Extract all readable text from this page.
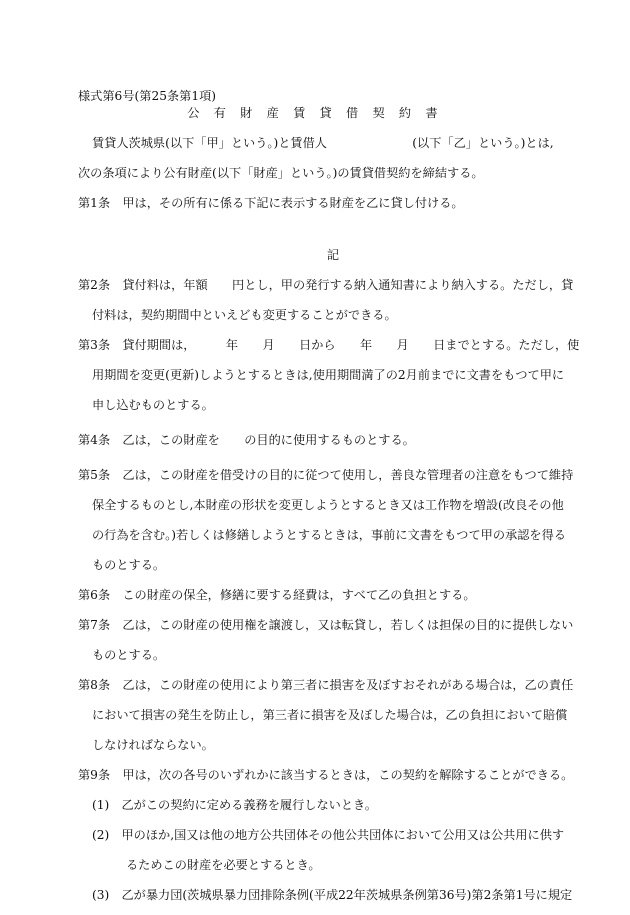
様式第6号(第25条第1項)
公 有 財 産 賃 貸 借 契 約 書
賃貸人茨城県(以下「甲」という。)と賃借人　　　　　　　(以下「乙」という。)とは,
次の条項により公有財産(以下「財産」という。)の賃貸借契約を締結する。
第1条　甲は，その所有に係る下記に表示する財産を乙に貸し付ける。
記
第2条　貸付料は，年額　　円とし，甲の発行する納入通知書により納入する。ただし，貸
付料は，契約期間中といえども変更することができる。
第3条　貸付期間は，　　　年　　月　　日から　　年　　月　　日までとする。ただし，使
用期間を変更(更新)しようとするときは,使用期間満了の2月前までに文書をもつて甲に
申し込むものとする。
第4条　乙は，この財産を　　の目的に使用するものとする。
第5条　乙は，この財産を借受けの目的に従つて使用し，善良な管理者の注意をもつて維持
保全するものとし,本財産の形状を変更しようとするとき又は工作物を増設(改良その他
の行為を含む。)若しくは修繕しようとするときは，事前に文書をもつて甲の承認を得る
ものとする。
第6条　この財産の保全，修繕に要する経費は，すべて乙の負担とする。
第7条　乙は，この財産の使用権を譲渡し，又は転貸し，若しくは担保の目的に提供しない
ものとする。
第8条　乙は，この財産の使用により第三者に損害を及ぼすおそれがある場合は，乙の責任
において損害の発生を防止し，第三者に損害を及ぼした場合は，乙の負担において賠償
しなければならない。
第9条　甲は，次の各号のいずれかに該当するときは，この契約を解除することができる。
(1)　乙がこの契約に定める義務を履行しないとき。
(2)　甲のほか,国又は他の地方公共団体その他公共団体において公用又は公共用に供す
るためこの財産を必要とするとき。
(3)　乙が暴力団(茨城県暴力団排除条例(平成22年茨城県条例第36号)第2条第1号に規定
